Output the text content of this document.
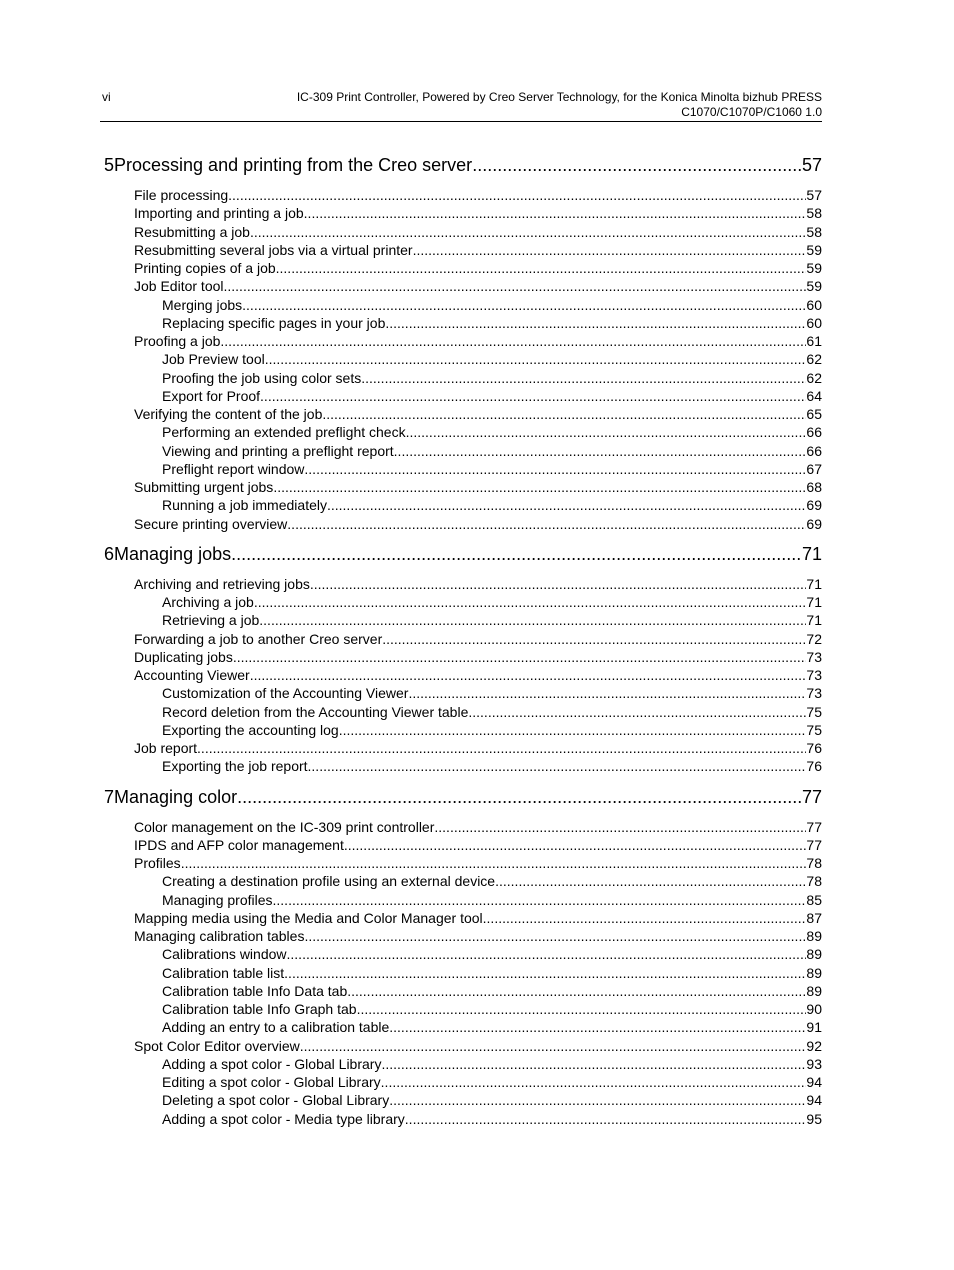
vi	IC-309 Print Controller, Powered by Creo Server Technology, for the Konica Minolta bizhub PRESS
C1070/C1070P/C1060 1.0
5 Processing and printing from the Creo server .....	57
File processing .....	57
Importing and printing a job .....	58
Resubmitting a job .....	58
Resubmitting several jobs via a virtual printer .....	59
Printing copies of a job .....	59
Job Editor tool .....	59
Merging jobs .....	60
Replacing specific pages in your job .....	60
Proofing a job .....	61
Job Preview tool .....	62
Proofing the job using color sets .....	62
Export for Proof .....	64
Verifying the content of the job .....	65
Performing an extended preflight check .....	66
Viewing and printing a preflight report .....	66
Preflight report window .....	67
Submitting urgent jobs .....	68
Running a job immediately .....	69
Secure printing overview .....	69
6 Managing jobs .....	71
Archiving and retrieving jobs .....	71
Archiving a job .....	71
Retrieving a job .....	71
Forwarding a job to another Creo server .....	72
Duplicating jobs .....	73
Accounting Viewer .....	73
Customization of the Accounting Viewer .....	73
Record deletion from the Accounting Viewer table .....	75
Exporting the accounting log .....	75
Job report .....	76
Exporting the job report .....	76
7 Managing color .....	77
Color management on the IC-309 print controller .....	77
IPDS and AFP color management .....	77
Profiles .....	78
Creating a destination profile using an external device .....	78
Managing profiles .....	85
Mapping media using the Media and Color Manager tool .....	87
Managing calibration tables .....	89
Calibrations window .....	89
Calibration table list .....	89
Calibration table Info Data tab .....	89
Calibration table Info Graph tab .....	90
Adding an entry to a calibration table .....	91
Spot Color Editor overview .....	92
Adding a spot color - Global Library .....	93
Editing a spot color - Global Library .....	94
Deleting a spot color - Global Library .....	94
Adding a spot color - Media type library .....	95
